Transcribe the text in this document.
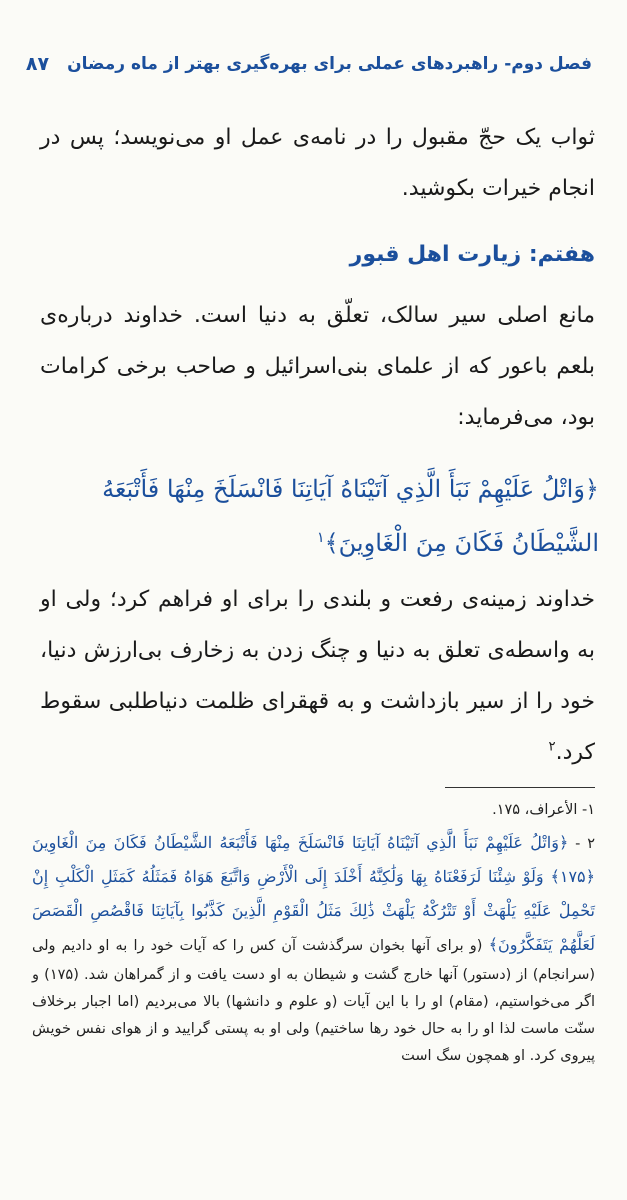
فصل دوم- راهبردهای عملی برای بهره‌گیری بهتر از ماه رمضان
۸۷

ثواب یک حجّ مقبول را در نامه‌ی عمل او می‌نویسد؛ پس در انجام خیرات بکوشید.

هفتم: زیارت اهل قبور

مانع اصلی سیر سالک، تعلّق به دنیا است. خداوند درباره‌ی بلعم باعور که از علمای بنی‌اسرائیل و صاحب برخی کرامات بود، می‌فرماید:

﴿وَاتْلُ عَلَيْهِمْ نَبَأَ الَّذِي آتَيْنَاهُ آيَاتِنَا فَانْسَلَخَ مِنْهَا فَأَتْبَعَهُ الشَّيْطَانُ فَكَانَ مِنَ الْغَاوِينَ﴾$^۱$

خداوند زمینه‌ی رفعت و بلندی را برای او فراهم کرد؛ ولی او به واسطه‌ی تعلق به دنیا و چنگ زدن به زخارف بی‌ارزش دنیا، خود را از سیر بازداشت و به قهقرای ظلمت دنیاطلبی سقوط کرد.$^۲$

۱- الأعراف، ۱۷۵.

۲ - ﴿وَاتْلُ عَلَيْهِمْ نَبَأَ الَّذِي آتَيْنَاهُ آيَاتِنَا فَانْسَلَخَ مِنْهَا فَأَتْبَعَهُ الشَّيْطَانُ فَكَانَ مِنَ الْغَاوِينَ ﴿۱۷۵﴾ وَلَوْ شِئْنَا لَرَفَعْنَاهُ بِهَا وَلَٰكِنَّهُ أَخْلَدَ إِلَى الْأَرْضِ وَاتَّبَعَ هَوَاهُ فَمَثَلُهُ كَمَثَلِ الْكَلْبِ إِنْ تَحْمِلْ عَلَيْهِ يَلْهَثْ أَوْ تَتْرُكْهُ يَلْهَثْ ذَٰلِكَ مَثَلُ الْقَوْمِ الَّذِينَ كَذَّبُوا بِآيَاتِنَا فَاقْصُصِ الْقَصَصَ لَعَلَّهُمْ يَتَفَكَّرُونَ﴾ (و برای آنها بخوان سرگذشت آن کس را که آیات خود را به او دادیم ولی (سرانجام) از (دستور) آنها خارج گشت و شیطان به او دست یافت و از گمراهان شد. (۱۷۵) و اگر می‌خواستیم، (مقام) او را با این آیات (و علوم و دانشها) بالا می‌بردیم (اما اجبار برخلاف سنّت ماست لذا او را به حال خود رها ساختیم) ولی او به پستی گرایید و از هوای نفس خویش پیروی کرد. او همچون سگ است
